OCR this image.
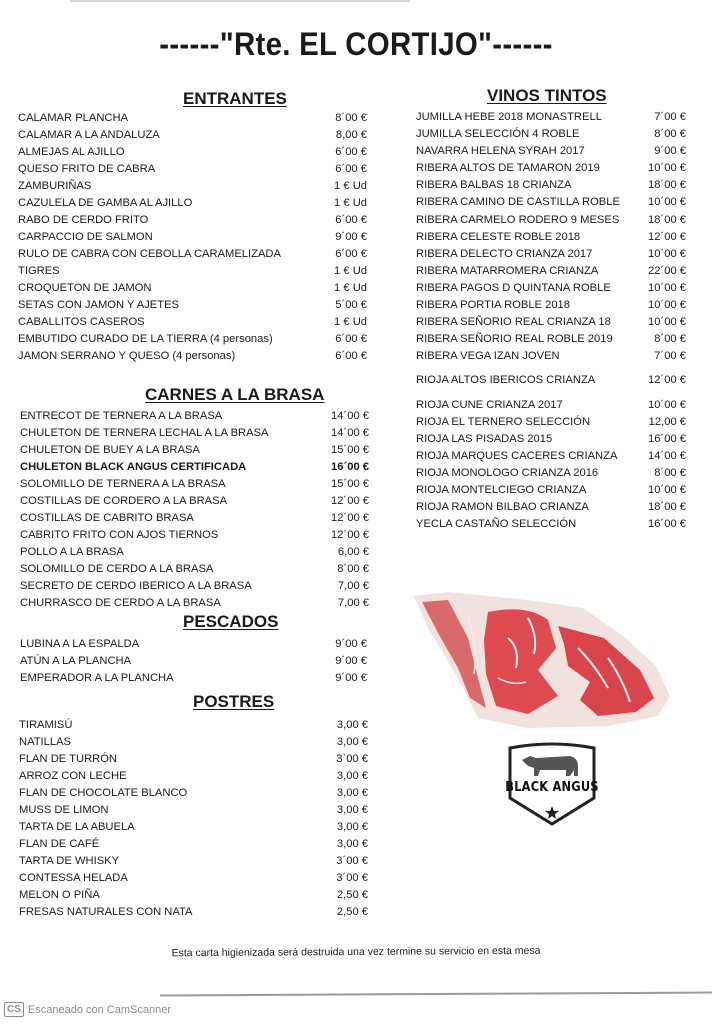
------"Rte. EL CORTIJO"------
ENTRANTES
CALAMAR PLANCHA	8´00 €
CALAMAR A LA ANDALUZA	8,00 €
ALMEJAS AL AJILLO	6´00 €
QUESO FRITO DE CABRA	6´00 €
ZAMBURIÑAS	1 € Ud
CAZULELA DE GAMBA AL AJILLO	1 € Ud
RABO DE CERDO FRITO	6´00 €
CARPACCIO DE SALMON	9´00 €
RULO DE CABRA CON CEBOLLA CARAMELIZADA	6´00 €
TIGRES	1 € Ud
CROQUETON DE JAMON	1 € Ud
SETAS CON JAMON Y AJETES	5´00 €
CABALLITOS CASEROS	1 € Ud
EMBUTIDO CURADO DE LA TIERRA (4 personas)	6´00 €
JAMON SERRANO Y QUESO (4 personas)	6´00 €
CARNES A LA BRASA
ENTRECOT DE TERNERA A LA BRASA	14´00 €
CHULETON DE TERNERA LECHAL A LA BRASA	14´00 €
CHULETON DE BUEY A LA BRASA	15´00 €
CHULETON BLACK ANGUS CERTIFICADA	16´00 €
SOLOMILLO DE TERNERA A LA BRASA	15´00 €
COSTILLAS DE CORDERO A LA BRASA	12´00 €
COSTILLAS DE CABRITO BRASA	12´00 €
CABRITO FRITO CON AJOS TIERNOS	12´00 €
POLLO A LA BRASA	6,00 €
SOLOMILLO DE CERDO A LA BRASA	8´00 €
SECRETO DE CERDO IBERICO A LA BRASA	7,00 €
CHURRASCO DE CERDO A LA BRASA	7,00 €
PESCADOS
LUBINA A LA ESPALDA	9´00 €
ATÚN A LA PLANCHA	9´00 €
EMPERADOR A LA PLANCHA	9´00 €
POSTRES
TIRAMISÚ	3,00 €
NATILLAS	3,00 €
FLAN DE TURRÓN	3`00 €
ARROZ CON LECHE	3,00 €
FLAN DE CHOCOLATE BLANCO	3,00 €
MUSS DE LIMON	3,00 €
TARTA DE LA ABUELA	3,00 €
FLAN DE CAFÉ	3,00 €
TARTA DE WHISKY	3´00 €
CONTESSA HELADA	3´00 €
MELON O PIÑA	2,50 €
FRESAS NATURALES CON NATA	2,50 €
VINOS TINTOS
JUMILLA HEBE 2018 MONASTRELL	7´00 €
JUMILLA SELECCIÓN 4 ROBLE	8´00 €
NAVARRA HELENA SYRAH 2017	9´00 €
RIBERA ALTOS DE TAMARON 2019	10´00 €
RIBERA BALBAS 18 CRIANZA	18´00 €
RIBERA CAMINO DE CASTILLA ROBLE	10´00 €
RIBERA CARMELO RODERO 9 MESES	18´00 €
RIBERA CELESTE ROBLE 2018	12´00 €
RIBERA DELECTO CRIANZA 2017	10´00 €
RIBERA MATARROMERA CRIANZA	22´00 €
RIBERA PAGOS D QUINTANA ROBLE	10´00 €
RIBERA PORTIA ROBLE 2018	10´00 €
RIBERA SEÑORIO REAL CRIANZA 18	10´00 €
RIBERA SEÑORIO REAL ROBLE 2019	8´00 €
RIBERA VEGA IZAN JOVEN	7´00 €
RIOJA ALTOS IBERICOS CRIANZA	12´00 €
RIOJA CUNE CRIANZA 2017	10´00 €
RIOJA EL TERNERO SELECCIÓN	12,00 €
RIOJA LAS PISADAS 2015	16´00 €
RIOJA MARQUES CACERES CRIANZA	14´00 €
RIOJA MONOLOGO CRIANZA 2016	8´00 €
RIOJA MONTELCIEGO CRIANZA	10´00 €
RIOJA RAMON BILBAO CRIANZA	18´00 €
YECLA CASTAÑO SELECCIÓN	16´00 €
BLACK ANGUS
Esta carta higienizada será destruida una vez termine su servicio en esta mesa
CS Escaneado con CamScanner
